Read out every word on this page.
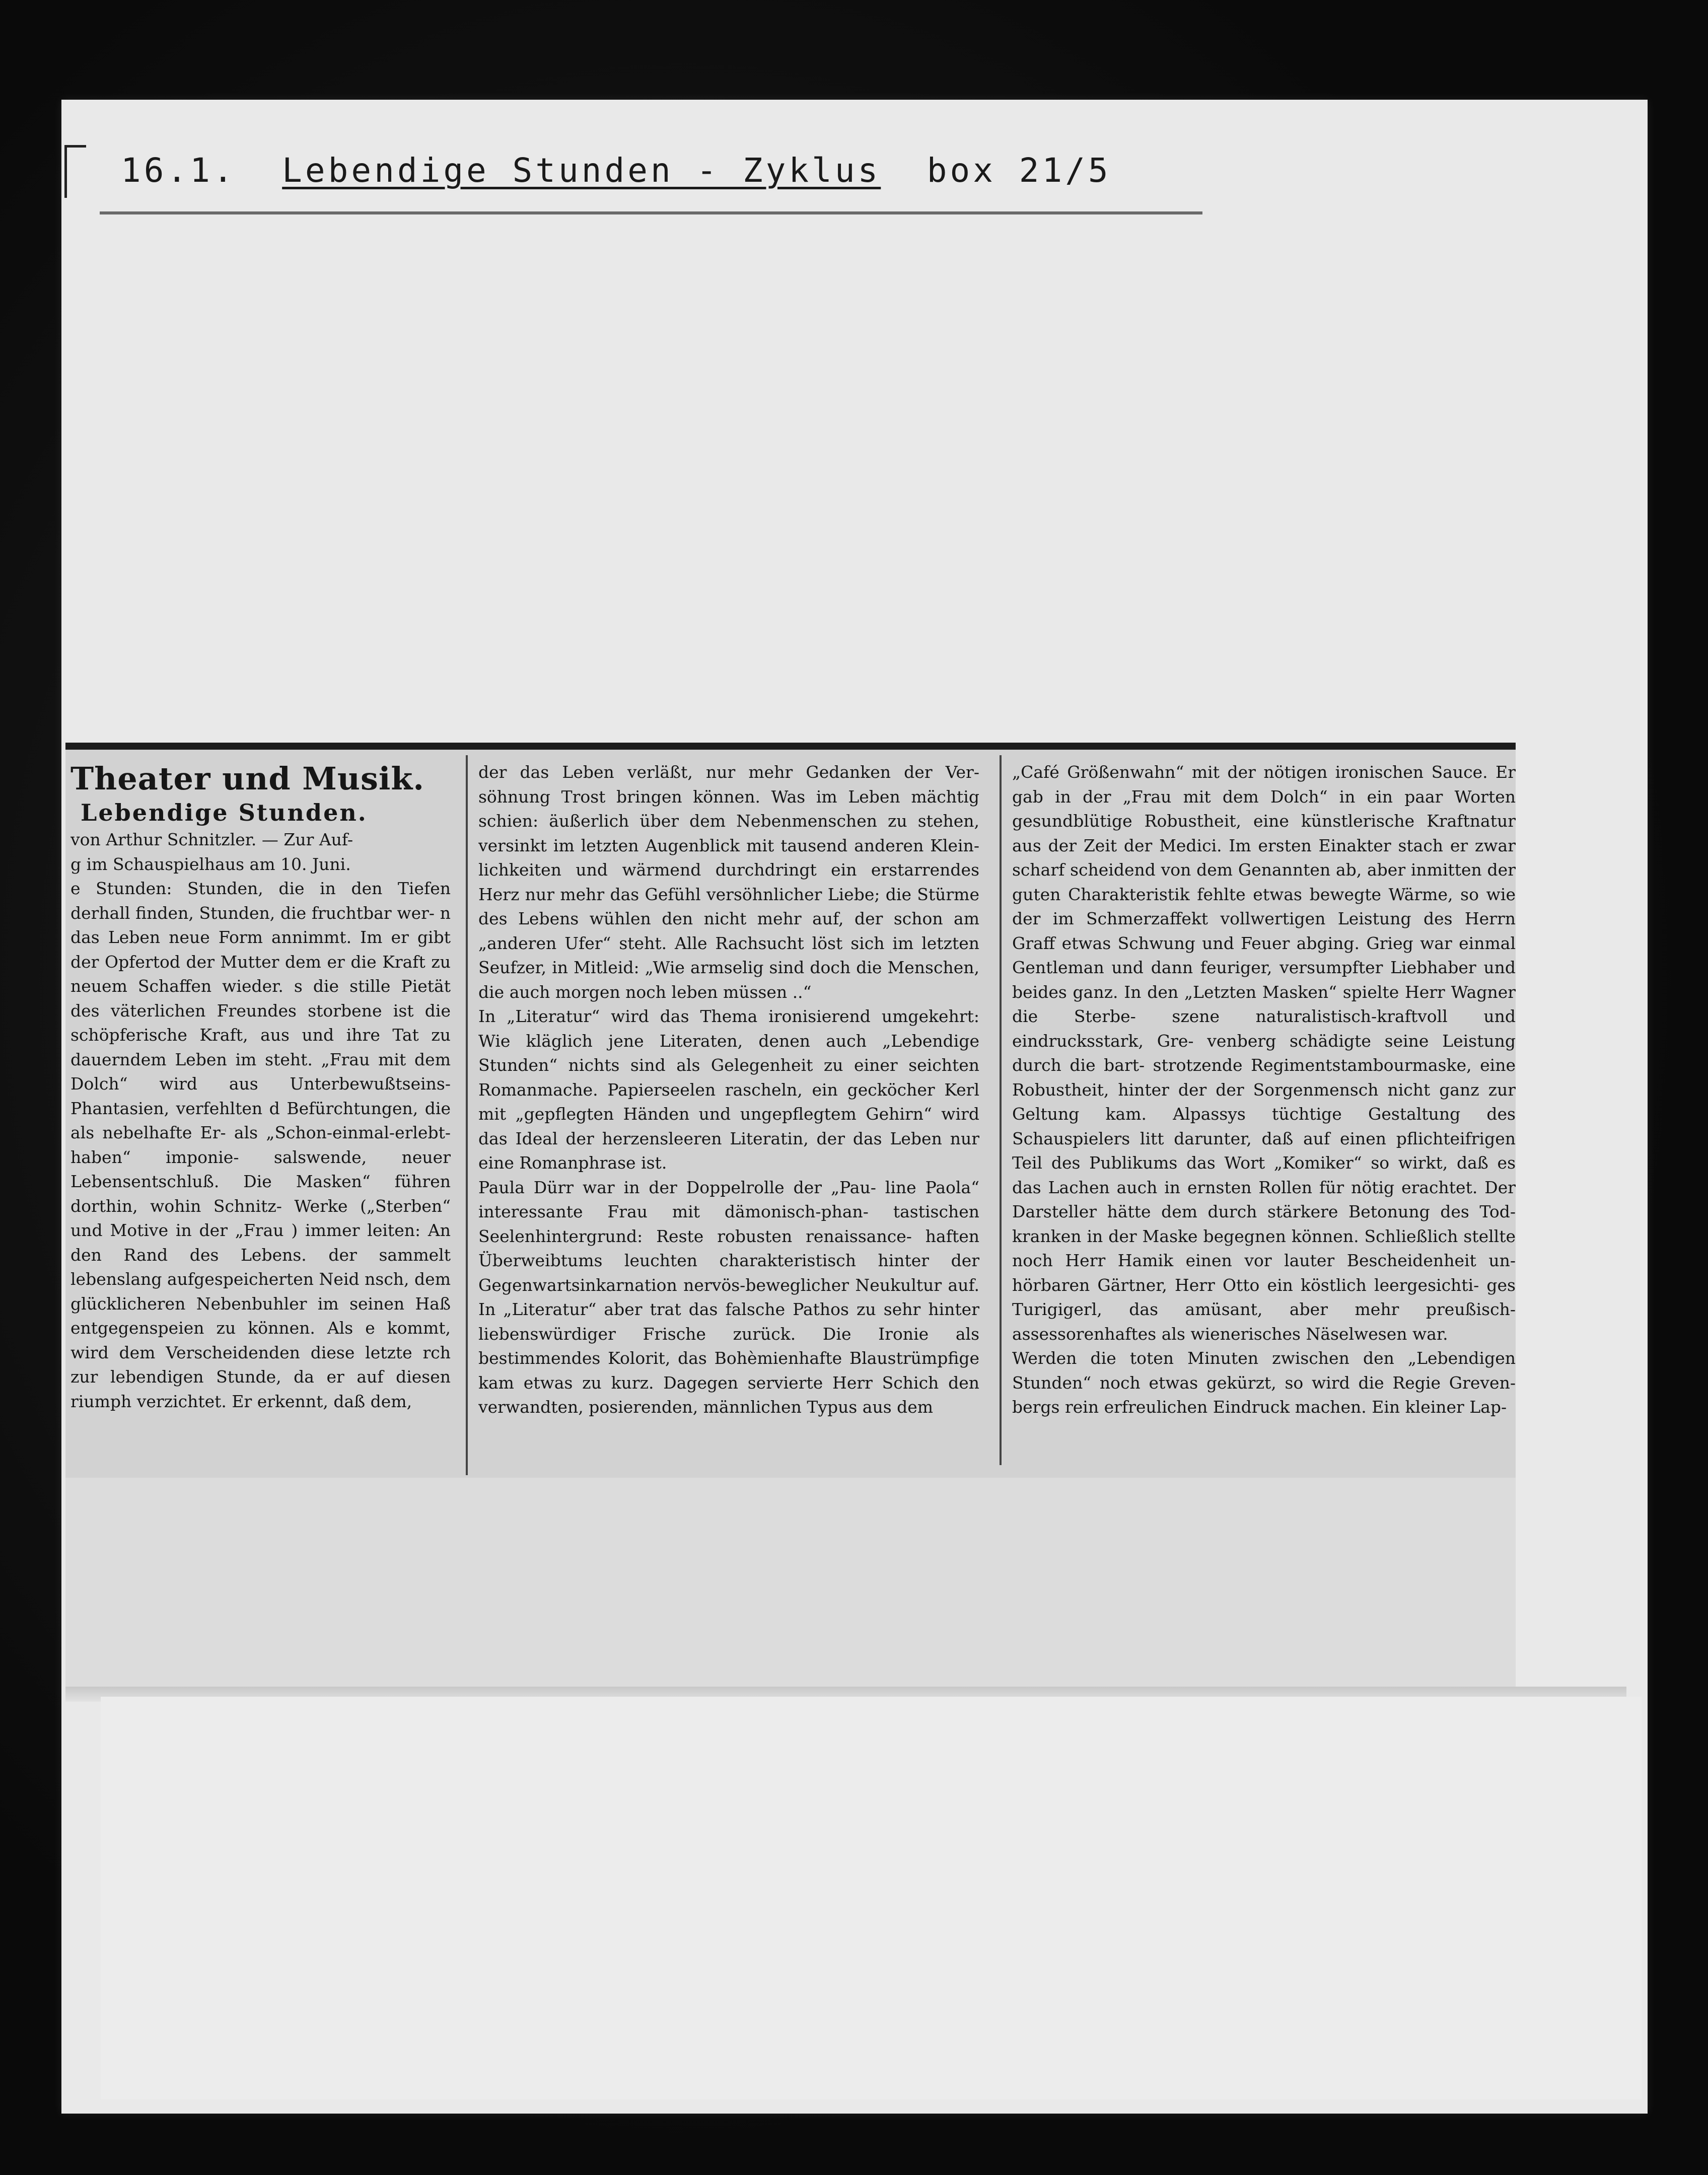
16.1. Lebendige Stunden - Zyklus box 21/5
Theater und Musik.
Lebendige Stunden.
von Arthur Schnitzler. — Zur Auf-
g im Schauspielhaus am 10. Juni.

e Stunden: Stunden, die in den Tiefen derhall finden, Stunden, die fruchtbar wer- n das Leben neue Form annimmt. Im er gibt der Opfertod der Mutter dem er die Kraft zu neuem Schaffen wieder. s die stille Pietät des väterlichen Freundes storbene ist die schöpferische Kraft, aus und ihre Tat zu dauerndem Leben im steht. „Frau mit dem Dolch“ wird aus Unterbewußtseins-Phantasien, verfehlten d Befürchtungen, die als nebelhafte Er- als „Schon-einmal-erlebt-haben“ imponie- salswende, neuer Lebensentschluß. Die Masken“ führen dorthin, wohin Schnitz- Werke („Sterben“ und Motive in der „Frau ) immer leiten: An den Rand des Lebens. der sammelt lebenslang aufgespeicherten Neid nsch, dem glücklicheren Nebenbuhler im seinen Haß entgegenspeien zu können. Als e kommt, wird dem Verscheidenden diese letzte rch zur lebendigen Stunde, da er auf diesen riumph verzichtet. Er erkennt, daß dem,

der das Leben verläßt, nur mehr Gedanken der Ver- söhnung Trost bringen können. Was im Leben mächtig schien: äußerlich über dem Nebenmenschen zu stehen, versinkt im letzten Augenblick mit tausend anderen Klein- lichkeiten und wärmend durchdringt ein erstarrendes Herz nur mehr das Gefühl versöhnlicher Liebe; die Stürme des Lebens wühlen den nicht mehr auf, der schon am „anderen Ufer“ steht. Alle Rachsucht löst sich im letzten Seufzer, in Mitleid: „Wie armselig sind doch die Menschen, die auch morgen noch leben müssen ..“

In „Literatur“ wird das Thema ironisierend umgekehrt: Wie kläglich jene Literaten, denen auch „Lebendige Stunden“ nichts sind als Gelegenheit zu einer seichten Romanmache. Papierseelen rascheln, ein gecköcher Kerl mit „gepflegten Händen und ungepflegtem Gehirn“ wird das Ideal der herzensleeren Literatin, der das Leben nur eine Romanphrase ist.

Paula Dürr war in der Doppelrolle der „Pau- line Paola“ interessante Frau mit dämonisch-phan- tastischen Seelenhintergrund: Reste robusten renaissance- haften Überweibtums leuchten charakteristisch hinter der Gegenwartsinkarnation nervös-beweglicher Neukultur auf. In „Literatur“ aber trat das falsche Pathos zu sehr hinter liebenswürdiger Frische zurück. Die Ironie als bestimmendes Kolorit, das Bohèmienhafte Blaustrümpfige kam etwas zu kurz. Dagegen servierte Herr Schich den verwandten, posierenden, männlichen Typus aus dem

„Café Größenwahn“ mit der nötigen ironischen Sauce. Er gab in der „Frau mit dem Dolch“ in ein paar Worten gesundblütige Robustheit, eine künstlerische Kraftnatur aus der Zeit der Medici. Im ersten Einakter stach er zwar scharf scheidend von dem Genannten ab, aber inmitten der guten Charakteristik fehlte etwas bewegte Wärme, so wie der im Schmerzaffekt vollwertigen Leistung des Herrn Graff etwas Schwung und Feuer abging. Grieg war einmal Gentleman und dann feuriger, versumpfter Liebhaber und beides ganz. In den „Letzten Masken“ spielte Herr Wagner die Sterbe- szene naturalistisch-kraftvoll und eindrucksstark, Gre- venberg schädigte seine Leistung durch die bart- strotzende Regimentstambourmaske, eine Robustheit, hinter der der Sorgenmensch nicht ganz zur Geltung kam. Alpassys tüchtige Gestaltung des Schauspielers litt darunter, daß auf einen pflichteifrigen Teil des Publikums das Wort „Komiker“ so wirkt, daß es das Lachen auch in ernsten Rollen für nötig erachtet. Der Darsteller hätte dem durch stärkere Betonung des Tod- kranken in der Maske begegnen können. Schließlich stellte noch Herr Hamik einen vor lauter Bescheidenheit un- hörbaren Gärtner, Herr Otto ein köstlich leergesichti- ges Turigigerl, das amüsant, aber mehr preußisch- assessorenhaftes als wienerisches Näselwesen war.

Werden die toten Minuten zwischen den „Lebendigen Stunden“ noch etwas gekürzt, so wird die Regie Greven- bergs rein erfreulichen Eindruck machen. Ein kleiner Lap-
